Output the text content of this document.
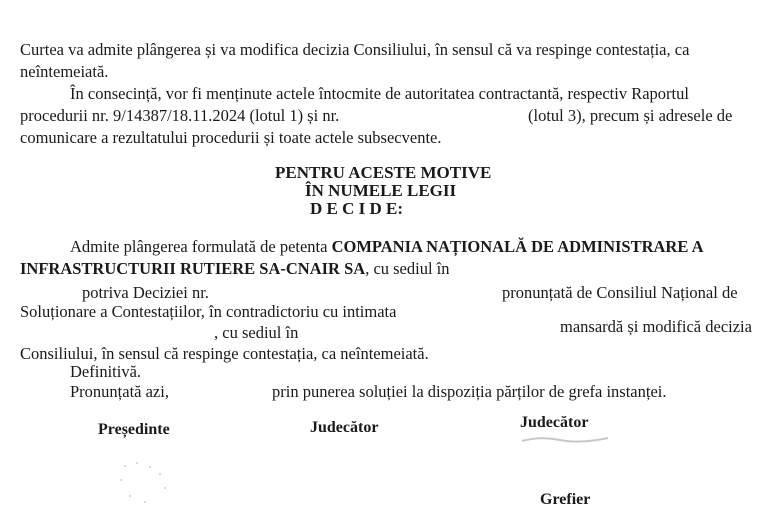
Curtea va admite plângerea și va modifica decizia Consiliului, în sensul că va respinge contestația, ca
neîntemeiată.
În consecință, vor fi menținute actele întocmite de autoritatea contractantă, respectiv Raportul
procedurii nr. 9/14387/18.11.2024 (lotul 1) și nr.	(lotul 3), precum și adresele de
comunicare a rezultatului procedurii și toate actele subsecvente.
PENTRU ACESTE MOTIVE
ÎN NUMELE LEGII
D E C I D E:
Admite plângerea formulată de petenta COMPANIA NAȚIONALĂ DE ADMINISTRARE A
INFRASTRUCTURII RUTIERE SA-CNAIR SA, cu sediul în
potriva Deciziei nr.	pronunțată de Consiliul Național de
Soluționare a Contestațiilor, în contradictoriu cu intimata
, cu sediul în	mansardă și modifică decizia
Consiliului, în sensul că respinge contestația, ca neîntemeiată.
Definitivă.
Pronunțată azi,	prin punerea soluției la dispoziția părților de grefa instanței.
Președinte	Judecător	Judecător
Grefier
